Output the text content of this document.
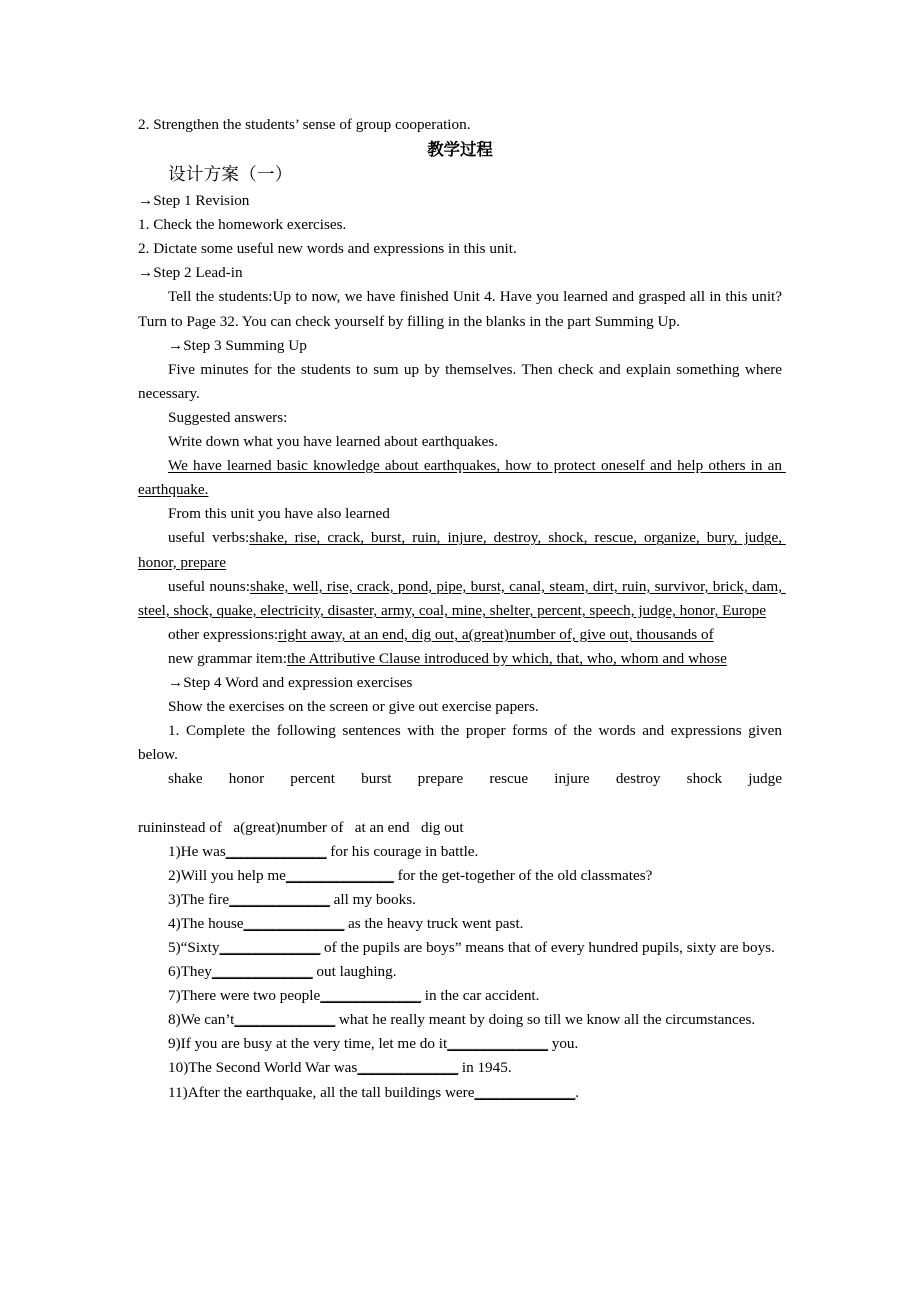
2. Strengthen the students’ sense of group cooperation.

教学过程

设计方案（一）

→Step 1 Revision

1. Check the homework exercises.

2. Dictate some useful new words and expressions in this unit.

→Step 2 Lead-in

Tell the students:Up to now, we have finished Unit 4. Have you learned and grasped all in this unit? Turn to Page 32. You can check yourself by filling in the blanks in the part Summing Up.

→Step 3 Summing Up

Five minutes for the students to sum up by themselves. Then check and explain something where necessary.

Suggested answers:

Write down what you have learned about earthquakes.

We have learned basic knowledge about earthquakes, how to protect oneself and help others in an earthquake.

From this unit you have also learned

useful verbs:shake, rise, crack, burst, ruin, injure, destroy, shock, rescue, organize, bury, judge, honor, prepare

useful nouns:shake, well, rise, crack, pond, pipe, burst, canal, steam, dirt, ruin, survivor, brick, dam, steel, shock, quake, electricity, disaster, army, coal, mine, shelter, percent, speech, judge, honor, Europe

other expressions:right away, at an end, dig out, a(great)number of, give out, thousands of

new grammar item:the Attributive Clause introduced by which, that, who, whom and whose

→Step 4 Word and expression exercises

Show the exercises on the screen or give out exercise papers.

1. Complete the following sentences with the proper forms of the words and expressions given below.

shake   honor   percent   burst   prepare   rescue   injure   destroy   shock   judge

ruininstead of   a(great)number of   at an end   dig out

1)He was______________ for his courage in battle.

2)Will you help me_______________ for the get-together of the old classmates?

3)The fire______________ all my books.

4)The house______________ as the heavy truck went past.

5)“Sixty______________ of the pupils are boys” means that of every hundred pupils, sixty are boys.

6)They______________ out laughing.

7)There were two people______________ in the car accident.

8)We can’t______________ what he really meant by doing so till we know all the circumstances.

9)If you are busy at the very time, let me do it______________ you.

10)The Second World War was______________ in 1945.

11)After the earthquake, all the tall buildings were______________.
